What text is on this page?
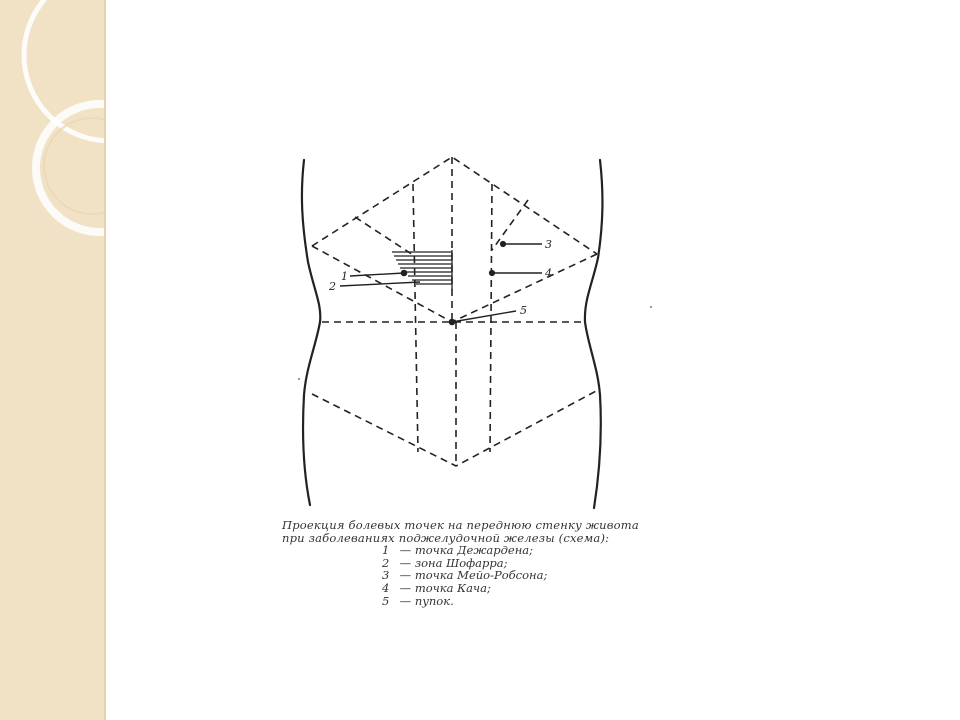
1
2
3
4
5
Проекция болевых точек на переднюю стенку живота
при заболеваниях поджелудочной железы (схема):
1 — точка Дежардена;
2 — зона Шофарра;
3 — точка Мейо-Робсона;
4 — точка Кача;
5 — пупок.
